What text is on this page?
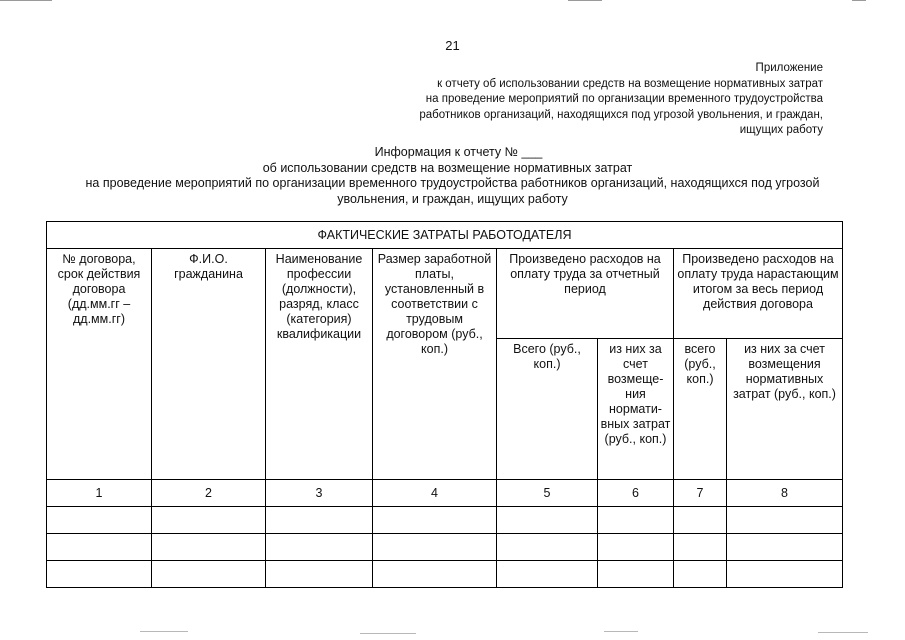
21
Приложение
к отчету об использовании средств на возмещение нормативных затрат
на проведение мероприятий по организации временного трудоустройства
работников организаций, находящихся под угрозой увольнения, и граждан,
ищущих работу
Информация к отчету № ___
об использовании средств на возмещение нормативных затрат
на проведение мероприятий по организации временного трудоустройства работников организаций, находящихся под угрозой
увольнения, и граждан, ищущих работу
ФАКТИЧЕСКИЕ ЗАТРАТЫ РАБОТОДАТЕЛЯ							
№ договора, срок действия договора (дд.мм.гг – дд.мм.гг)	Ф.И.О. гражданина	Наименование профессии (должности), разряд, класс (категория) квалификации	Размер заработной платы, установленный в соответствии с трудовым договором (руб., коп.)	Произведено расходов на оплату труда за отчетный период		Произведено расходов на оплату труда нарастающим итогом за весь период действия договора	
				Всего (руб., коп.)	из них за счет возмеще-ния нормати-вных затрат (руб., коп.)	всего (руб., коп.)	из них за счет возмещения нормативных затрат (руб., коп.)
1	2	3	4	5	6	7	8
